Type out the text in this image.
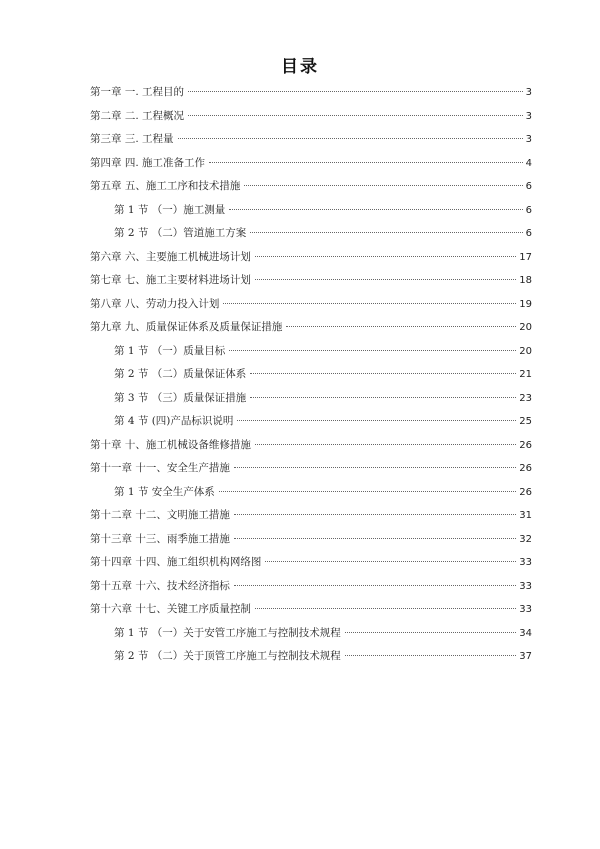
目录
第一章 一. 工程目的	3
第二章 二. 工程概况	3
第三章 三. 工程量	3
第四章 四. 施工准备工作	4
第五章 五、施工工序和技术措施	6
第 1 节 （一）施工测量	6
第 2 节 （二）管道施工方案	6
第六章 六、主要施工机械进场计划	17
第七章 七、施工主要材料进场计划	18
第八章 八、劳动力投入计划	19
第九章 九、质量保证体系及质量保证措施	20
第 1 节 （一）质量目标	20
第 2 节 （二）质量保证体系	21
第 3 节 （三）质量保证措施	23
第 4 节 (四)产品标识说明	25
第十章 十、施工机械设备维修措施	26
第十一章 十一、安全生产措施	26
第 1 节 安全生产体系	26
第十二章 十二、文明施工措施	31
第十三章 十三、雨季施工措施	32
第十四章 十四、施工组织机构网络图	33
第十五章 十六、技术经济指标	33
第十六章 十七、关键工序质量控制	33
第 1 节 （一）关于安管工序施工与控制技术规程	34
第 2 节 （二）关于顶管工序施工与控制技术规程	37
